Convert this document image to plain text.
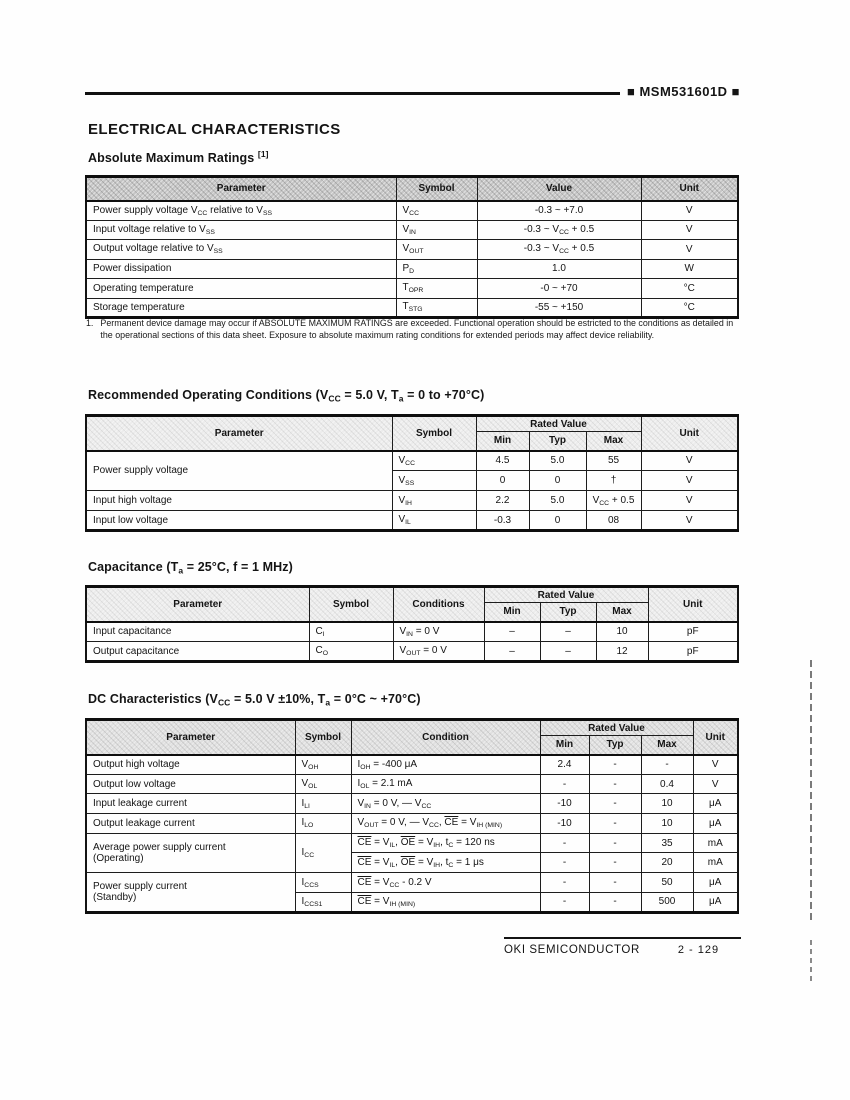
■ MSM531601D ■
ELECTRICAL CHARACTERISTICS
Absolute Maximum Ratings [1]
Parameter	Symbol	Value	Unit
Power supply voltage $V_{CC}$ relative to $V_{SS}$	$V_{CC}$	-0.3 ~ +7.0	V
Input voltage relative to $V_{SS}$	$V_{IN}$	-0.3 ~ $V_{CC} + 0.5$	V
Output voltage relative to $V_{SS}$	$V_{OUT}$	-0.3 ~ $V_{CC} + 0.5$	V
Power dissipation	$P_D$	1.0	W
Operating temperature	$T_{OPR}$	-0 ~ +70	°C
Storage temperature	$T_{STG}$	-55 ~ +150	°C
1. Permanent device damage may occur if ABSOLUTE MAXIMUM RATINGS are exceeded. Functional operation should be estricted to the conditions as detailed in the operational sections of this data sheet. Exposure to absolute maximum rating conditions for extended periods may affect device reliability.
Recommended Operating Conditions ($V_{CC} = 5.0$ V, $T_a = 0$ to +70°C)
Parameter	Symbol	Rated Value			Unit
		Min	Typ	Max	
Power supply voltage	$V_{CC}$	4.5	5.0	55	V
	$V_{SS}$	0	0	†	V
Input high voltage	$V_{IH}$	2.2	5.0	$V_{CC} + 0.5$	V
Input low voltage	$V_{IL}$	-0.3	0	08	V
Capacitance ($T_a = 25^\circ C$, f = 1 MHz)
Parameter	Symbol	Conditions	Rated Value			Unit
			Min	Typ	Max	
Input capacitance	$C_I$	$V_{IN} = 0$ V	–	–	10	pF
Output capacitance	$C_O$	$V_{OUT} = 0$ V	–	–	12	pF
DC Characteristics ($V_{CC} = 5.0$ V ±10%, $T_a = 0^\circ C$ ~ +70°C)
Parameter	Symbol	Condition	Rated Value			Unit
			Min	Typ	Max	
Output high voltage	$V_{OH}$	$I_{OH} = -400$ μA	2.4	-	-	V
Output low voltage	$V_{OL}$	$I_{OL} = 2.1$ mA	-	-	0.4	V
Input leakage current	$I_{LI}$	$V_{IN} = 0$ V, — $V_{CC}$	-10	-	10	μA
Output leakage current	$I_{LO}$	$V_{OUT} = 0$ V, — $V_{CC}$, $\overline{CE} = V_{IH (MIN)}$	-10	-	10	μA
Average power supply current
(Operating)	$I_{CC}$	$\overline{CE} = V_{IL}$, $\overline{OE} = V_{IH}$, $t_C = 120$ ns	-	-	35	mA
		$\overline{CE} = V_{IL}$, $\overline{OE} = V_{IH}$, $t_C = 1$ μs	-	-	20	mA
Power supply current
(Standby)	$I_{CCS}$	$\overline{CE} = V_{CC} - 0.2$ V	-	-	50	μA
	$I_{CCS1}$	$\overline{CE} = V_{IH (MIN)}$	-	-	500	μA
OKI SEMICONDUCTOR	2 - 129
